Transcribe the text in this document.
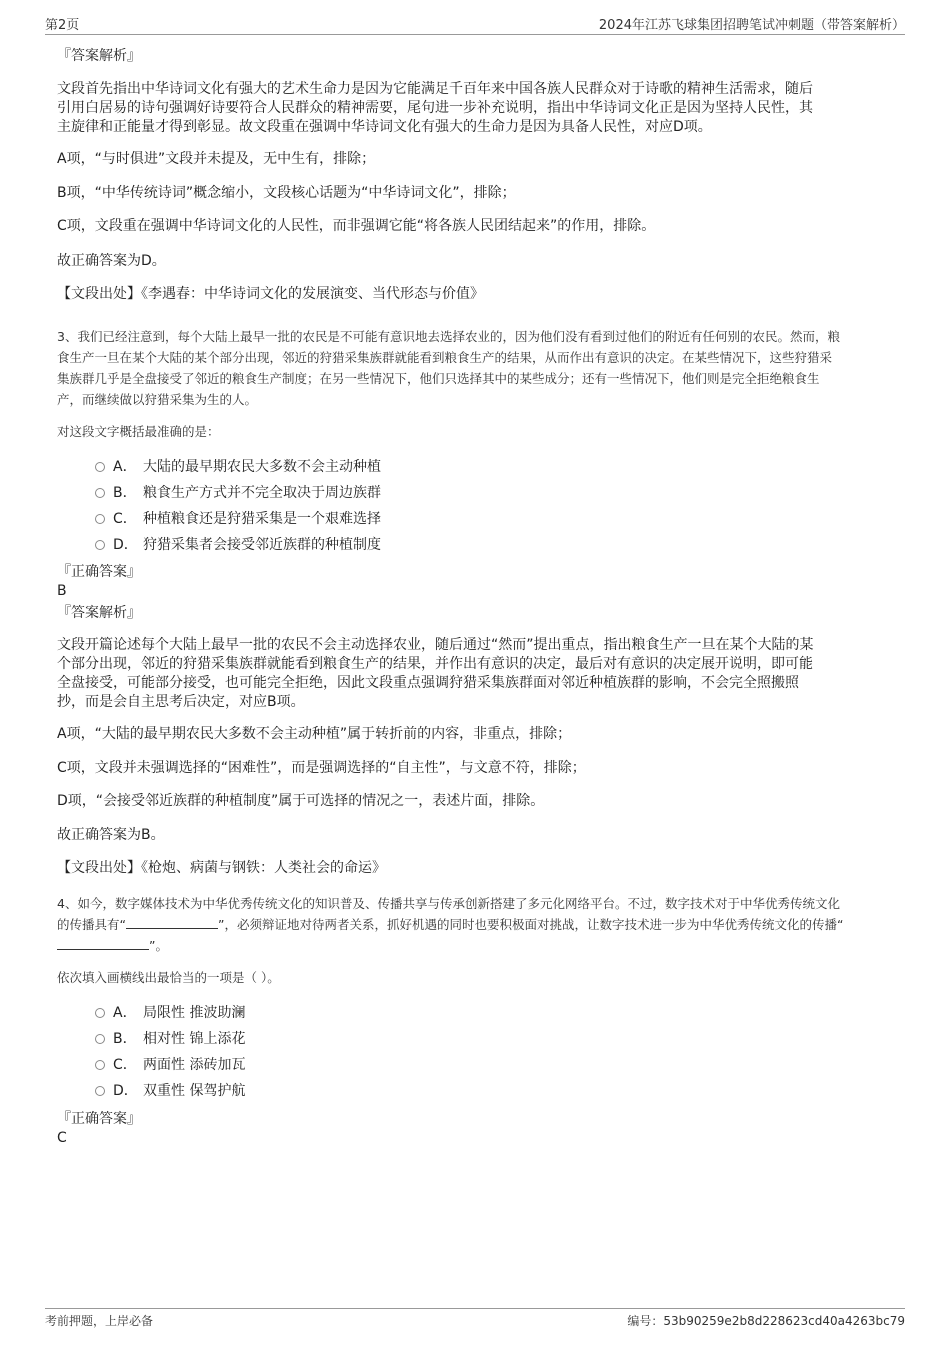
第2页	2024年江苏飞球集团招聘笔试冲刺题（带答案解析）
『答案解析』

文段首先指出中华诗词文化有强大的艺术生命力是因为它能满足千百年来中国各族人民群众对于诗歌的精神生活需求，随后

引用白居易的诗句强调好诗要符合人民群众的精神需要，尾句进一步补充说明，指出中华诗词文化正是因为坚持人民性，其

主旋律和正能量才得到彰显。故文段重在强调中华诗词文化有强大的生命力是因为具备人民性，对应D项。

A项，“与时俱进”文段并未提及，无中生有，排除；

B项，“中华传统诗词”概念缩小，文段核心话题为“中华诗词文化”，排除；

C项，文段重在强调中华诗词文化的人民性，而非强调它能“将各族人民团结起来”的作用，排除。

故正确答案为D。

【文段出处】《李遇春：中华诗词文化的发展演变、当代形态与价值》

3、我们已经注意到，每个大陆上最早一批的农民是不可能有意识地去选择农业的，因为他们没有看到过他们的附近有任何别的农民。然而，粮

食生产一旦在某个大陆的某个部分出现，邻近的狩猎采集族群就能看到粮食生产的结果，从而作出有意识的决定。在某些情况下，这些狩猎采

集族群几乎是全盘接受了邻近的粮食生产制度；在另一些情况下，他们只选择其中的某些成分；还有一些情况下，他们则是完全拒绝粮食生

产，而继续做以狩猎采集为生的人。

对这段文字概括最准确的是：

A． 大陆的最早期农民大多数不会主动种植
B． 粮食生产方式并不完全取决于周边族群
C． 种植粮食还是狩猎采集是一个艰难选择
D． 狩猎采集者会接受邻近族群的种植制度
『正确答案』
B
『答案解析』

文段开篇论述每个大陆上最早一批的农民不会主动选择农业，随后通过“然而”提出重点，指出粮食生产一旦在某个大陆的某

个部分出现，邻近的狩猎采集族群就能看到粮食生产的结果，并作出有意识的决定，最后对有意识的决定展开说明，即可能

全盘接受，可能部分接受，也可能完全拒绝，因此文段重点强调狩猎采集族群面对邻近种植族群的影响，不会完全照搬照

抄，而是会自主思考后决定，对应B项。

A项，“大陆的最早期农民大多数不会主动种植”属于转折前的内容，非重点，排除；

C项，文段并未强调选择的“困难性”，而是强调选择的“自主性”，与文意不符，排除；

D项，“会接受邻近族群的种植制度”属于可选择的情况之一，表述片面，排除。

故正确答案为B。

【文段出处】《枪炮、病菌与钢铁：人类社会的命运》

4、如今，数字媒体技术为中华优秀传统文化的知识普及、传播共享与传承创新搭建了多元化网络平台。不过，数字技术对于中华优秀传统文化

的传播具有“	”，必须辩证地对待两者关系，抓好机遇的同时也要积极面对挑战，让数字技术进一步为中华优秀传统文化的传播“

”。

依次填入画横线出最恰当的一项是（ ）。

A． 局限性 推波助澜
B． 相对性 锦上添花
C． 两面性 添砖加瓦
D． 双重性 保驾护航
『正确答案』
C
考前押题，上岸必备	编号：53b90259e2b8d228623cd40a4263bc79
